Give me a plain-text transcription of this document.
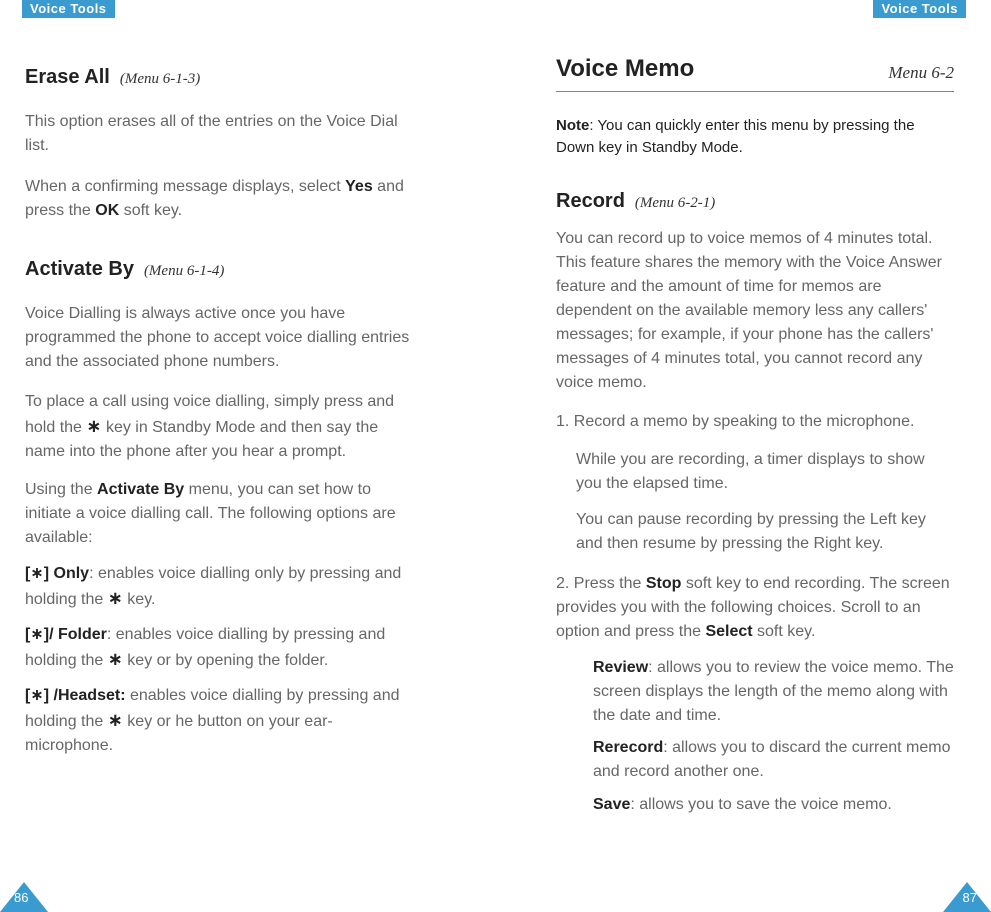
Voice Tools	Voice Tools
Erase All (Menu 6-1-3)
This option erases all of the entries on the Voice Dial list.
When a confirming message displays, select Yes and press the OK soft key.
Activate By (Menu 6-1-4)
Voice Dialling is always active once you have programmed the phone to accept voice dialling entries and the associated phone numbers.
To place a call using voice dialling, simply press and hold the ∗ key in Standby Mode and then say the name into the phone after you hear a prompt.
Using the Activate By menu, you can set how to initiate a voice dialling call. The following options are available:
[∗] Only: enables voice dialling only by pressing and holding the ∗ key.
[∗]/ Folder: enables voice dialling by pressing and holding the ∗ key or by opening the folder.
[∗] /Headset: enables voice dialling by pressing and holding the ∗ key or he button on your ear-microphone.
Voice Memo	Menu 6-2
Note: You can quickly enter this menu by pressing the Down key in Standby Mode.
Record (Menu 6-2-1)
You can record up to voice memos of 4 minutes total. This feature shares the memory with the Voice Answer feature and the amount of time for memos are dependent on the available memory less any callers' messages; for example, if your phone has the callers' messages of 4 minutes total, you cannot record any voice memo.
1. Record a memo by speaking to the microphone.
While you are recording, a timer displays to show you the elapsed time.
You can pause recording by pressing the Left key and then resume by pressing the Right key.
2. Press the Stop soft key to end recording. The screen provides you with the following choices. Scroll to an option and press the Select soft key.
Review: allows you to review the voice memo. The screen displays the length of the memo along with the date and time.
Rerecord: allows you to discard the current memo and record another one.
Save: allows you to save the voice memo.
86	87
